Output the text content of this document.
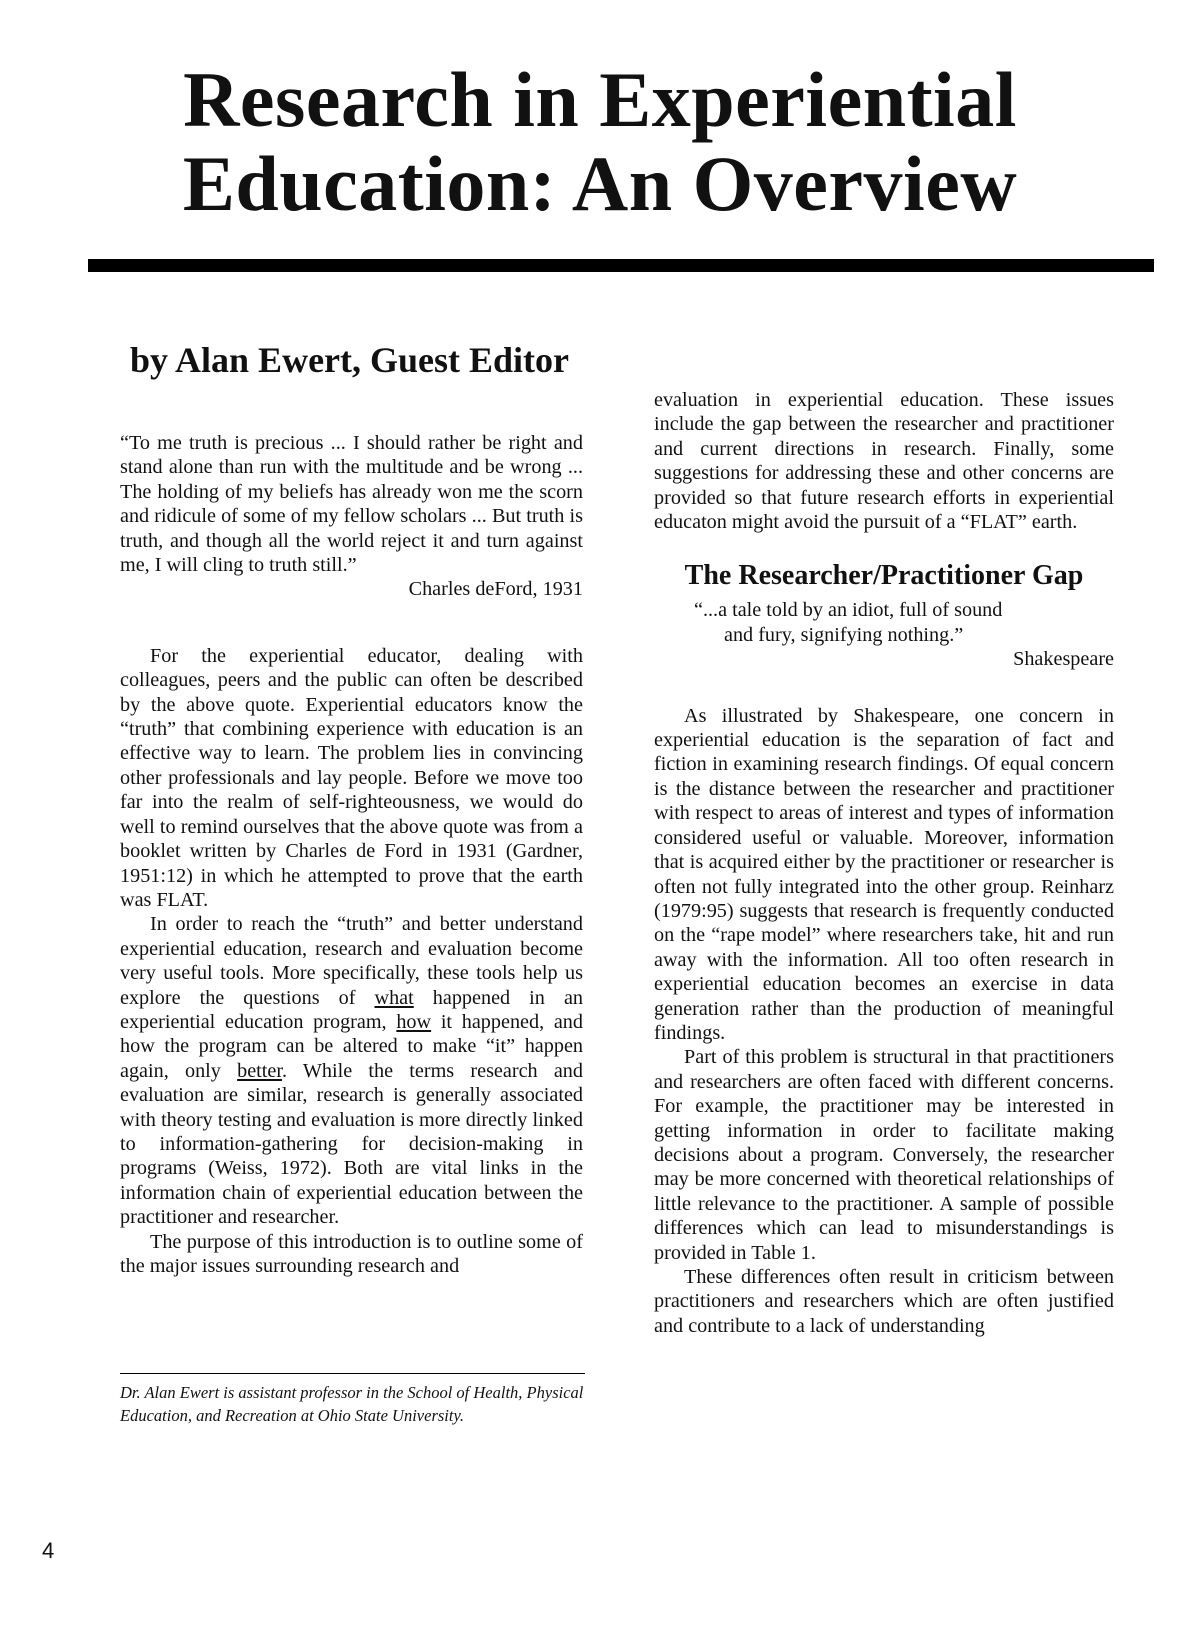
Research in Experiential
Education: An Overview
by Alan Ewert, Guest Editor

“To me truth is precious ... I should rather be right and stand alone than run with the multitude and be wrong ... The holding of my beliefs has already won me the scorn and ridicule of some of my fellow scholars ... But truth is truth, and though all the world reject it and turn against me, I will cling to truth still.”

Charles deFord, 1931

For the experiential educator, dealing with colleagues, peers and the public can often be described by the above quote. Experiential educators know the “truth” that combining experience with education is an effective way to learn. The problem lies in convincing other professionals and lay people. Before we move too far into the realm of self-righteousness, we would do well to remind ourselves that the above quote was from a booklet written by Charles de Ford in 1931 (Gardner, 1951:12) in which he attempted to prove that the earth was FLAT.

In order to reach the “truth” and better understand experiential education, research and evaluation become very useful tools. More specifically, these tools help us explore the questions of what happened in an experiential education program, how it happened, and how the program can be altered to make “it” happen again, only better. While the terms research and evaluation are similar, research is generally associated with theory testing and evaluation is more directly linked to information-gathering for decision-making in programs (Weiss, 1972). Both are vital links in the information chain of experiential education between the practitioner and researcher.

The purpose of this introduction is to outline some of the major issues surrounding research and

Dr. Alan Ewert is assistant professor in the School of Health, Physical Education, and Recreation at Ohio State University.

evaluation in experiential education. These issues include the gap between the researcher and practitioner and current directions in research. Finally, some suggestions for addressing these and other concerns are provided so that future research efforts in experiential educaton might avoid the pursuit of a “FLAT” earth.

The Researcher/Practitioner Gap

“...a tale told by an idiot, full of sound
and fury, signifying nothing.”

Shakespeare

As illustrated by Shakespeare, one concern in experiential education is the separation of fact and fiction in examining research findings. Of equal concern is the distance between the researcher and practitioner with respect to areas of interest and types of information considered useful or valuable. Moreover, information that is acquired either by the practitioner or researcher is often not fully integrated into the other group. Reinharz (1979:95) suggests that research is frequently conducted on the “rape model” where researchers take, hit and run away with the information. All too often research in experiential education becomes an exercise in data generation rather than the production of meaningful findings.

Part of this problem is structural in that practitioners and researchers are often faced with different concerns. For example, the practitioner may be interested in getting information in order to facilitate making decisions about a program. Conversely, the researcher may be more concerned with theoretical relationships of little relevance to the practitioner. A sample of possible differences which can lead to misunderstandings is provided in Table 1.

These differences often result in criticism between practitioners and researchers which are often justified and contribute to a lack of understanding

4
